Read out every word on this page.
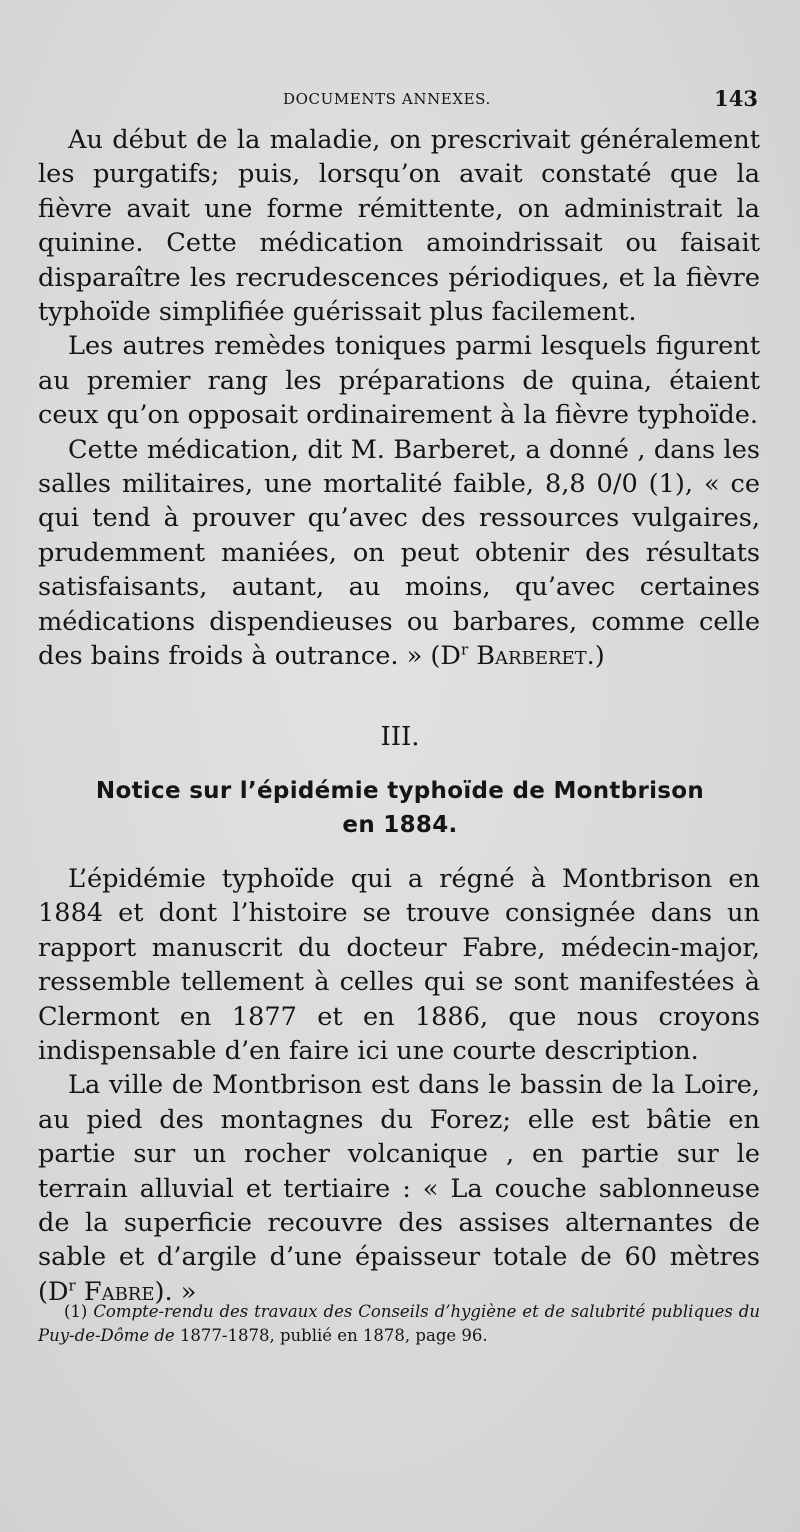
DOCUMENTS ANNEXES.	143

Au début de la maladie, on prescrivait généralement les purgatifs; puis, lorsqu’on avait constaté que la fièvre avait une forme rémittente, on administrait la quinine. Cette médication amoindrissait ou faisait disparaître les recrudescences périodiques, et la fièvre typhoïde simplifiée guérissait plus facilement.

Les autres remèdes toniques parmi lesquels figurent au premier rang les préparations de quina, étaient ceux qu’on opposait ordinairement à la fièvre typhoïde.

Cette médication, dit M. Barberet, a donné , dans les salles militaires, une mortalité faible, 8,8 0/0 (1), « ce qui tend à prouver qu’avec des ressources vulgaires, prudemment maniées, on peut obtenir des résultats satisfaisants, autant, au moins, qu’avec certaines médications dispendieuses ou barbares, comme celle des bains froids à outrance. » ($D^r$ Barberet.)

III.
Notice sur l’épidémie typhoïde de Montbrison
en 1884.

L’épidémie typhoïde qui a régné à Montbrison en 1884 et dont l’histoire se trouve consignée dans un rapport manuscrit du docteur Fabre, médecin-major, ressemble tellement à celles qui se sont manifestées à Clermont en 1877 et en 1886, que nous croyons indispensable d’en faire ici une courte description.

La ville de Montbrison est dans le bassin de la Loire, au pied des montagnes du Forez; elle est bâtie en partie sur un rocher volcanique , en partie sur le terrain alluvial et tertiaire : « La couche sablonneuse de la superficie recouvre des assises alternantes de sable et d’argile d’une épaisseur totale de 60 mètres ($D^r$ Fabre). »

(1) Compte-rendu des travaux des Conseils d’hygiène et de salubrité publiques du Puy-de-Dôme de 1877-1878, publié en 1878, page 96.
